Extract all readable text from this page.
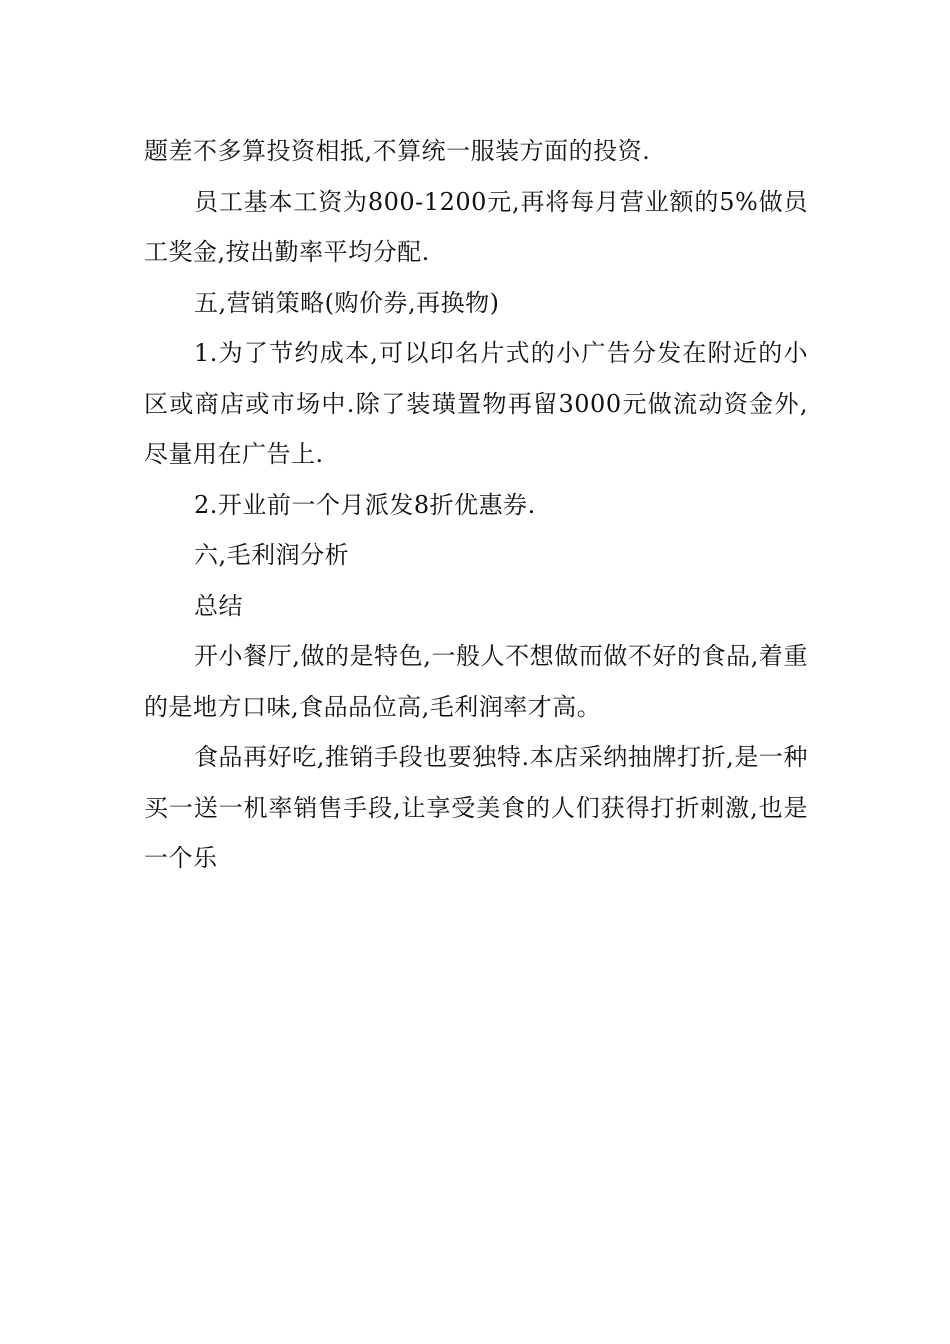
题差不多算投资相抵,不算统一服装方面的投资.

员工基本工资为800-1200元,再将每月营业额的5%做员工奖金,按出勤率平均分配.

五,营销策略(购价券,再换物)

1.为了节约成本,可以印名片式的小广告分发在附近的小区或商店或市场中.除了装璜置物再留3000元做流动资金外,尽量用在广告上.

2.开业前一个月派发8折优惠券.

六,毛利润分析

总结

开小餐厅,做的是特色,一般人不想做而做不好的食品,着重的是地方口味,食品品位高,毛利润率才高。

食品再好吃,推销手段也要独特.本店采纳抽牌打折,是一种买一送一机率销售手段,让享受美食的人们获得打折刺激,也是一个乐
